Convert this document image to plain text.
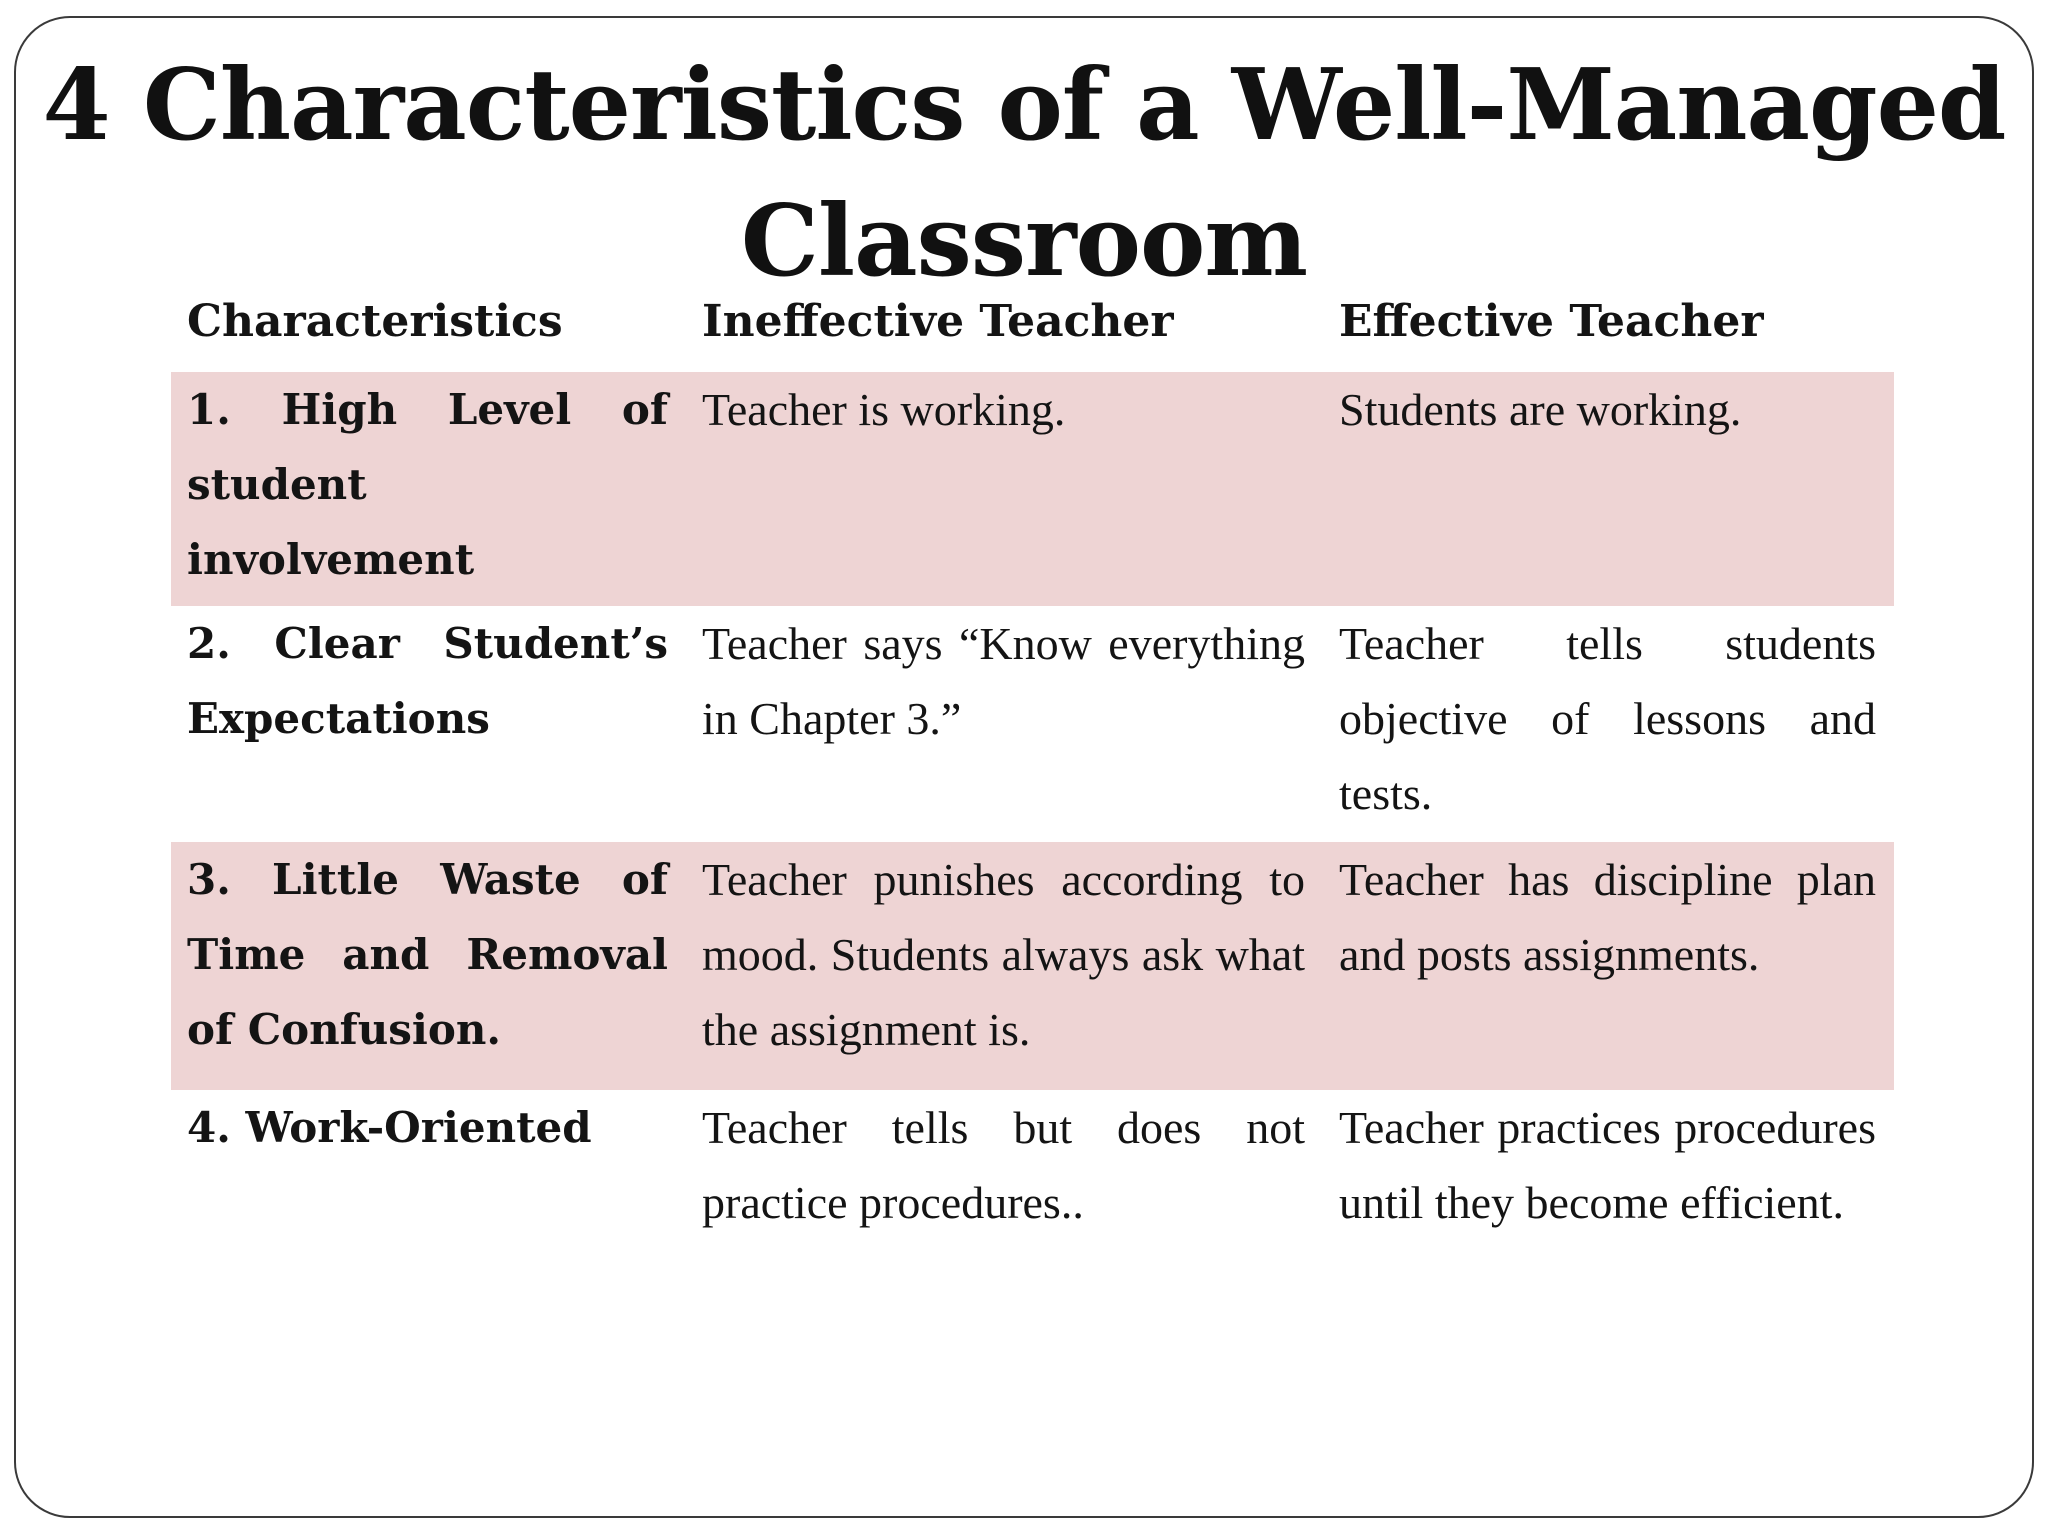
4 Characteristics of a Well-Managed Classroom
Characteristics	Ineffective Teacher	Effective Teacher
1. High Level of student involvement	Teacher is working.	Students are working.
2. Clear Student’s Expectations	Teacher says “Know everything in Chapter 3.”	Teacher tells students objective of lessons and tests.
3. Little Waste of Time and Removal of Confusion.	Teacher punishes according to mood. Students always ask what the assignment is.	Teacher has discipline plan and posts assignments.
4. Work-Oriented	Teacher tells but does not practice procedures..	Teacher practices procedures until they become efficient.
